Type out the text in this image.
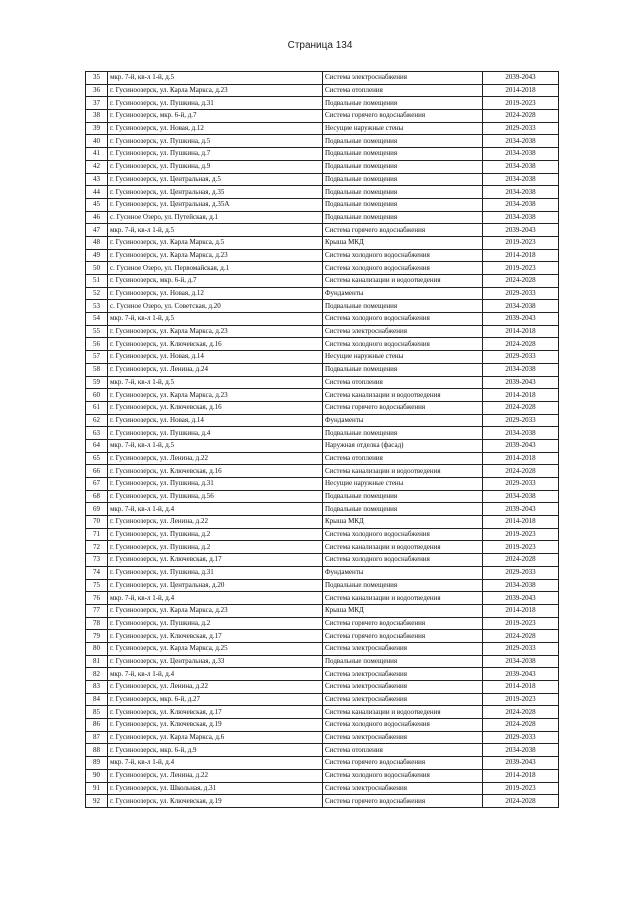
Страница 134
35	мкр. 7-й, кв-л 1-й, д.5	Система электроснабжения	2039-2043
36	г. Гусиноозерск, ул. Карла Маркса, д.23	Система отопления	2014-2018
37	г. Гусиноозерск, ул. Пушкина, д.31	Подвальные помещения	2019-2023
38	г. Гусиноозерск, мкр. 6-й, д.7	Система горячего водоснабжения	2024-2028
39	г. Гусиноозерск, ул. Новая, д.12	Несущие наружные стены	2029-2033
40	г. Гусиноозерск, ул. Пушкина, д.5	Подвальные помещения	2034-2038
41	г. Гусиноозерск, ул. Пушкина, д.7	Подвальные помещения	2034-2038
42	г. Гусиноозерск, ул. Пушкина, д.9	Подвальные помещения	2034-2038
43	г. Гусиноозерск, ул. Центральная, д.5	Подвальные помещения	2034-2038
44	г. Гусиноозерск, ул. Центральная, д.35	Подвальные помещения	2034-2038
45	г. Гусиноозерск, ул. Центральная, д.35А	Подвальные помещения	2034-2038
46	с. Гусиное Озеро, ул. Путейская, д.1	Подвальные помещения	2034-2038
47	мкр. 7-й, кв-л 1-й, д.5	Система горячего водоснабжения	2039-2043
48	г. Гусиноозерск, ул. Карла Маркса, д.5	Крыша МКД	2019-2023
49	г. Гусиноозерск, ул. Карла Маркса, д.23	Система холодного водоснабжения	2014-2018
50	с. Гусиное Озеро, ул. Первомайская, д.1	Система холодного водоснабжения	2019-2023
51	г. Гусиноозерск, мкр. 6-й, д.7	Система канализации и водоотведения	2024-2028
52	г. Гусиноозерск, ул. Новая, д.12	Фундаменты	2029-2033
53	с. Гусиное Озеро, ул. Советская, д.20	Подвальные помещения	2034-2038
54	мкр. 7-й, кв-л 1-й, д.5	Система холодного водоснабжения	2039-2043
55	г. Гусиноозерск, ул. Карла Маркса, д.23	Система электроснабжения	2014-2018
56	г. Гусиноозерск, ул. Ключевская, д.16	Система холодного водоснабжения	2024-2028
57	г. Гусиноозерск, ул. Новая, д.14	Несущие наружные стены	2029-2033
58	г. Гусиноозерск, ул. Ленина, д.24	Подвальные помещения	2034-2038
59	мкр. 7-й, кв-л 1-й, д.5	Система отопления	2039-2043
60	г. Гусиноозерск, ул. Карла Маркса, д.23	Система канализации и водоотведения	2014-2018
61	г. Гусиноозерск, ул. Ключевская, д.16	Система горячего водоснабжения	2024-2028
62	г. Гусиноозерск, ул. Новая, д.14	Фундаменты	2029-2033
63	г. Гусиноозерск, ул. Пушкина, д.4	Подвальные помещения	2034-2038
64	мкр. 7-й, кв-л 1-й, д.5	Наружная отделка (фасад)	2039-2043
65	г. Гусиноозерск, ул. Ленина, д.22	Система отопления	2014-2018
66	г. Гусиноозерск, ул. Ключевская, д.16	Система канализации и водоотведения	2024-2028
67	г. Гусиноозерск, ул. Пушкина, д.31	Несущие наружные стены	2029-2033
68	г. Гусиноозерск, ул. Пушкина, д.56	Подвальные помещения	2034-2038
69	мкр. 7-й, кв-л 1-й, д.4	Подвальные помещения	2039-2043
70	г. Гусиноозерск, ул. Ленина, д.22	Крыша МКД	2014-2018
71	г. Гусиноозерск, ул. Пушкина, д.2	Система холодного водоснабжения	2019-2023
72	г. Гусиноозерск, ул. Пушкина, д.2	Система канализации и водоотведения	2019-2023
73	г. Гусиноозерск, ул. Ключевская, д.17	Система холодного водоснабжения	2024-2028
74	г. Гусиноозерск, ул. Пушкина, д.31	Фундаменты	2029-2033
75	г. Гусиноозерск, ул. Центральная, д.20	Подвальные помещения	2034-2038
76	мкр. 7-й, кв-л 1-й, д.4	Система канализации и водоотведения	2039-2043
77	г. Гусиноозерск, ул. Карла Маркса, д.23	Крыша МКД	2014-2018
78	г. Гусиноозерск, ул. Пушкина, д.2	Система горячего водоснабжения	2019-2023
79	г. Гусиноозерск, ул. Ключевская, д.17	Система горячего водоснабжения	2024-2028
80	г. Гусиноозерск, ул. Карла Маркса, д.25	Система электроснабжения	2029-2033
81	г. Гусиноозерск, ул. Центральная, д.33	Подвальные помещения	2034-2038
82	мкр. 7-й, кв-л 1-й, д.4	Система электроснабжения	2039-2043
83	г. Гусиноозерск, ул. Ленина, д.22	Система электроснабжения	2014-2018
84	г. Гусиноозерск, мкр. 6-й, д.27	Система электроснабжения	2019-2023
85	г. Гусиноозерск, ул. Ключевская, д.17	Система канализации и водоотведения	2024-2028
86	г. Гусиноозерск, ул. Ключевская, д.19	Система холодного водоснабжения	2024-2028
87	г. Гусиноозерск, ул. Карла Маркса, д.6	Система электроснабжения	2029-2033
88	г. Гусиноозерск, мкр. 6-й, д.9	Система отопления	2034-2038
89	мкр. 7-й, кв-л 1-й, д.4	Система горячего водоснабжения	2039-2043
90	г. Гусиноозерск, ул. Ленина, д.22	Система холодного водоснабжения	2014-2018
91	г. Гусиноозерск, ул. Школьная, д.31	Система электроснабжения	2019-2023
92	г. Гусиноозерск, ул. Ключевская, д.19	Система горячего водоснабжения	2024-2028
